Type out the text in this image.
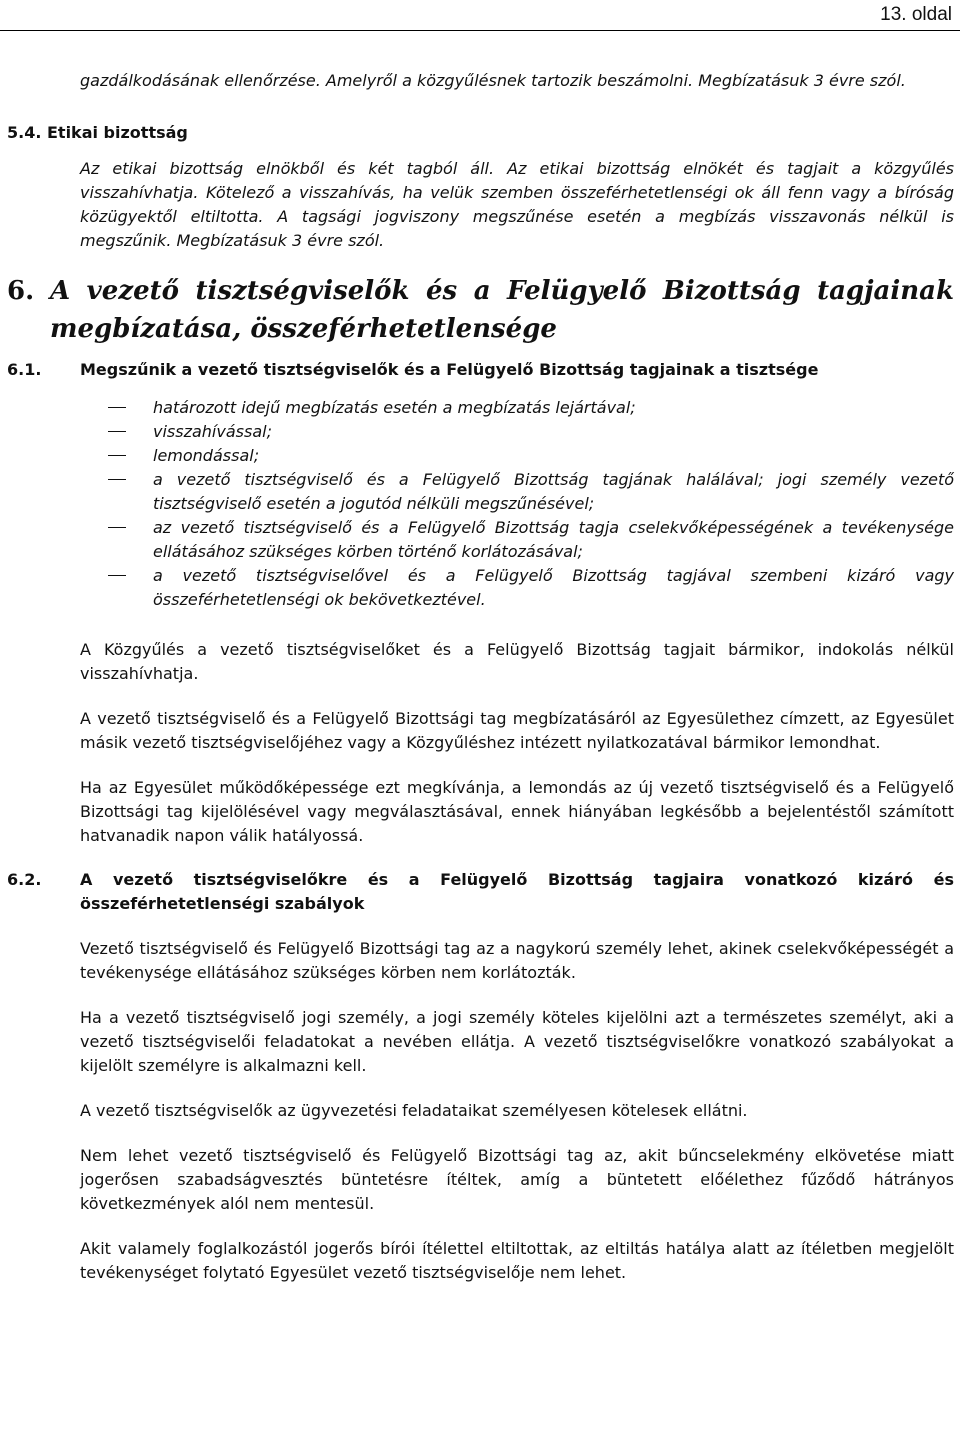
13. oldal

gazdálkodásának ellenőrzése. Amelyről a közgyűlésnek tartozik beszámolni. Megbízatásuk 3 évre szól.

5.4. Etikai bizottság

Az etikai bizottság elnökből és két tagból áll. Az etikai bizottság elnökét és tagjait a közgyűlés visszahívhatja. Kötelező a visszahívás, ha velük szemben összeférhetetlenségi ok áll fenn vagy a bíróság közügyektől eltiltotta. A tagsági jogviszony megszűnése esetén a megbízás visszavonás nélkül is megszűnik. Megbízatásuk 3 évre szól.

6. A vezető tisztségviselők és a Felügyelő Bizottság tagjainak megbízatása, összeférhetetlensége
6.1.	Megszűnik a vezető tisztségviselők és a Felügyelő Bizottság tagjainak a tisztsége
határozott idejű megbízatás esetén a megbízatás lejártával;
visszahívással;
lemondással;
a vezető tisztségviselő és a Felügyelő Bizottság tagjának halálával; jogi személy vezető tisztségviselő esetén a jogutód nélküli megszűnésével;
az vezető tisztségviselő és a Felügyelő Bizottság tagja cselekvőképességének a tevékenysége ellátásához szükséges körben történő korlátozásával;
a vezető tisztségviselővel és a Felügyelő Bizottság tagjával szembeni kizáró vagy összeférhetetlenségi ok bekövetkeztével.

A Közgyűlés a vezető tisztségviselőket és a Felügyelő Bizottság tagjait bármikor, indokolás nélkül visszahívhatja.

A vezető tisztségviselő és a Felügyelő Bizottsági tag megbízatásáról az Egyesülethez címzett, az Egyesület másik vezető tisztségviselőjéhez vagy a Közgyűléshez intézett nyilatkozatával bármikor lemondhat.

Ha az Egyesület működőképessége ezt megkívánja, a lemondás az új vezető tisztségviselő és a Felügyelő Bizottsági tag kijelölésével vagy megválasztásával, ennek hiányában legkésőbb a bejelentéstől számított hatvanadik napon válik hatályossá.

6.2.	A vezető tisztségviselőkre és a Felügyelő Bizottság tagjaira vonatkozó kizáró és összeférhetetlenségi szabályok

Vezető tisztségviselő és Felügyelő Bizottsági tag az a nagykorú személy lehet, akinek cselekvőképességét a tevékenysége ellátásához szükséges körben nem korlátozták.

Ha a vezető tisztségviselő jogi személy, a jogi személy köteles kijelölni azt a természetes személyt, aki a vezető tisztségviselői feladatokat a nevében ellátja. A vezető tisztségviselőkre vonatkozó szabályokat a kijelölt személyre is alkalmazni kell.

A vezető tisztségviselők az ügyvezetési feladataikat személyesen kötelesek ellátni.

Nem lehet vezető tisztségviselő és Felügyelő Bizottsági tag az, akit bűncselekmény elkövetése miatt jogerősen szabadságvesztés büntetésre ítéltek, amíg a büntetett előélethez fűződő hátrányos következmények alól nem mentesül.

Akit valamely foglalkozástól jogerős bírói ítélettel eltiltottak, az eltiltás hatálya alatt az ítéletben megjelölt tevékenységet folytató Egyesület vezető tisztségviselője nem lehet.
